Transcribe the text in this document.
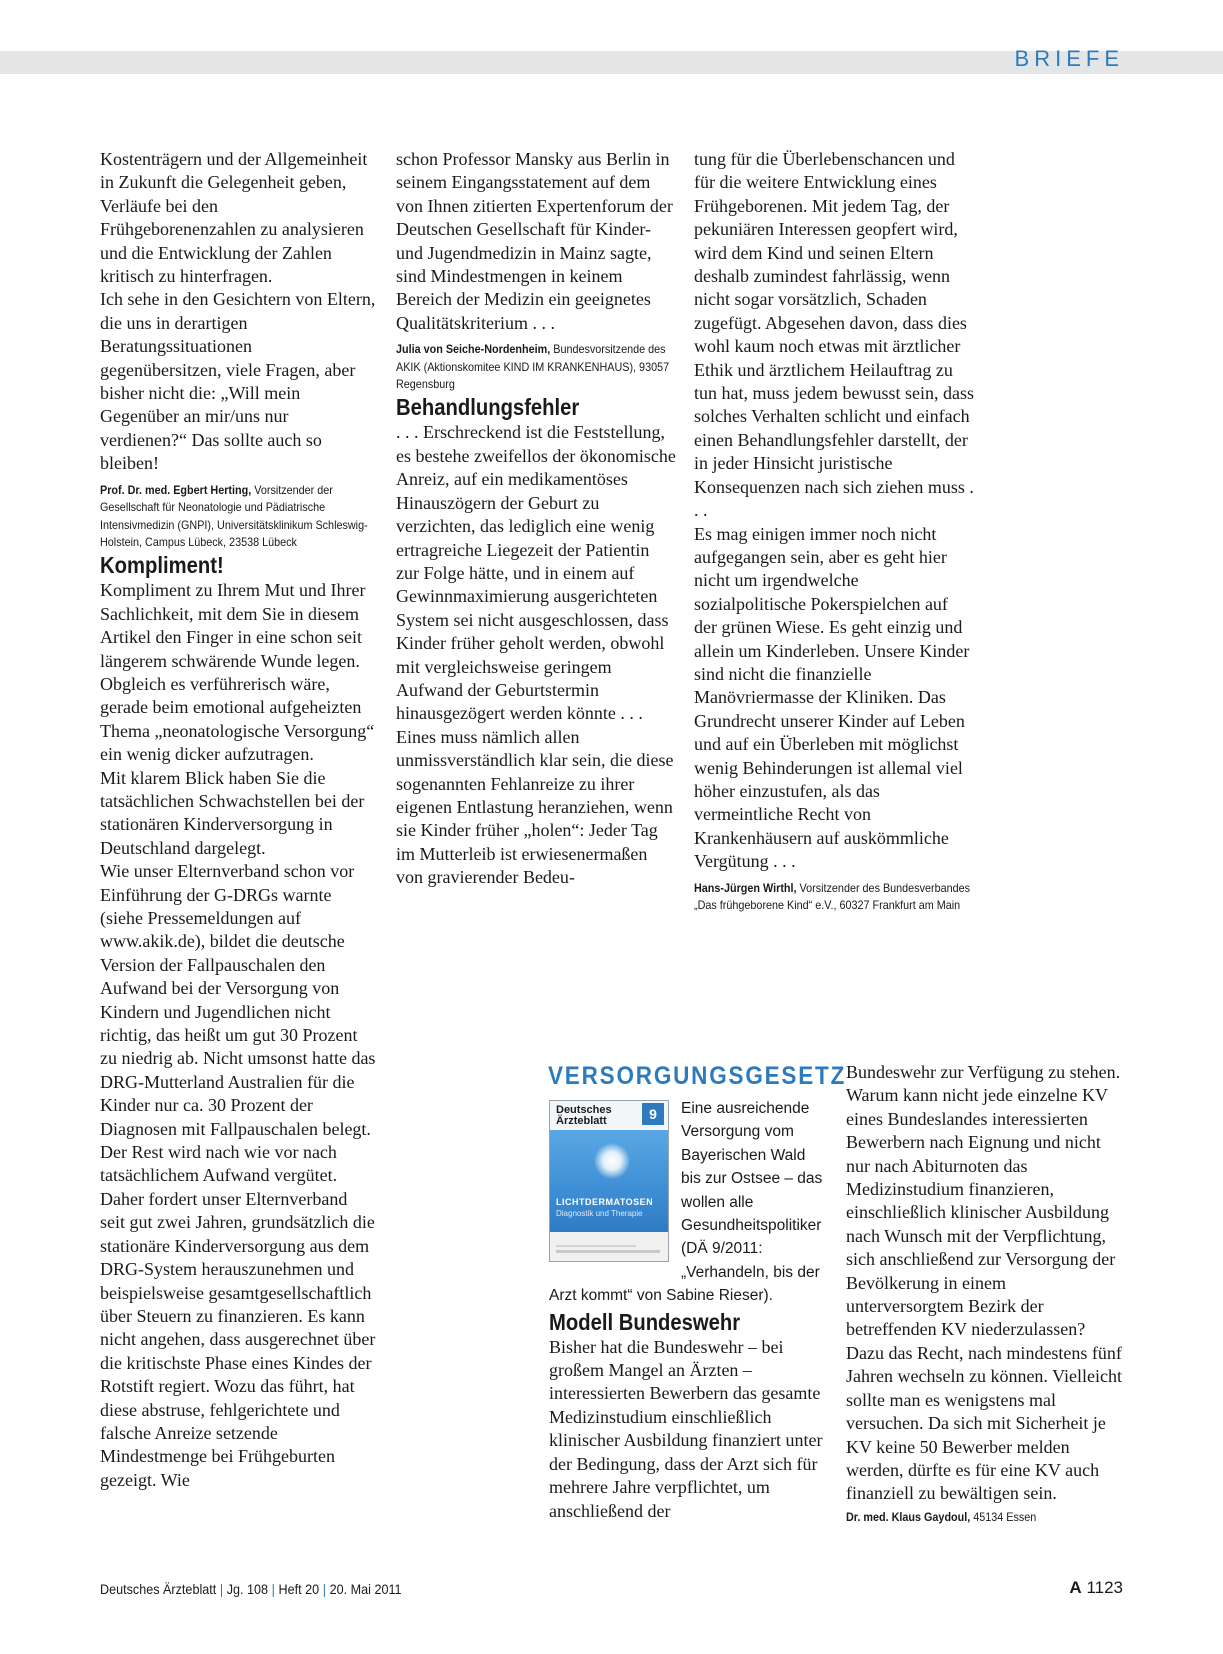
BRIEFE

Kostenträgern und der Allgemeinheit in Zukunft die Gelegenheit geben, Verläufe bei den Frühgeborenenzahlen zu analysieren und die Entwicklung der Zahlen kritisch zu hinterfragen.

Ich sehe in den Gesichtern von Eltern, die uns in derartigen Beratungssituationen gegenübersitzen, viele Fragen, aber bisher nicht die: „Will mein Gegenüber an mir/uns nur verdienen?“ Das sollte auch so bleiben!

Prof. Dr. med. Egbert Herting, Vorsitzender der Gesellschaft für Neonatologie und Pädiatrische Intensivmedizin (GNPI), Universitätsklinikum Schleswig-Holstein, Campus Lübeck, 23538 Lübeck

Kompliment!

Kompliment zu Ihrem Mut und Ihrer Sachlichkeit, mit dem Sie in diesem Artikel den Finger in eine schon seit längerem schwärende Wunde legen. Obgleich es verführerisch wäre, gerade beim emotional aufgeheizten Thema „neonatologische Versorgung“ ein wenig dicker aufzutragen.

Mit klarem Blick haben Sie die tatsächlichen Schwachstellen bei der stationären Kinderversorgung in Deutschland dargelegt.

Wie unser Elternverband schon vor Einführung der G-DRGs warnte (siehe Pressemeldungen auf www.akik.de), bildet die deutsche Version der Fallpauschalen den Aufwand bei der Versorgung von Kindern und Jugendlichen nicht richtig, das heißt um gut 30 Prozent zu niedrig ab. Nicht umsonst hatte das DRG-Mutterland Australien für die Kinder nur ca. 30 Prozent der Diagnosen mit Fallpauschalen belegt. Der Rest wird nach wie vor nach tatsächlichem Aufwand vergütet.

Daher fordert unser Elternverband seit gut zwei Jahren, grundsätzlich die stationäre Kinderversorgung aus dem DRG-System herauszunehmen und beispielsweise gesamtgesellschaftlich über Steuern zu finanzieren. Es kann nicht angehen, dass ausgerechnet über die kritischste Phase eines Kindes der Rotstift regiert. Wozu das führt, hat diese abstruse, fehlgerichtete und falsche Anreize setzende Mindestmenge bei Frühgeburten gezeigt. Wie

schon Professor Mansky aus Berlin in seinem Eingangsstatement auf dem von Ihnen zitierten Expertenforum der Deutschen Gesellschaft für Kinder- und Jugendmedizin in Mainz sagte, sind Mindestmengen in keinem Bereich der Medizin ein geeignetes Qualitätskriterium . . .

Julia von Seiche-Nordenheim, Bundesvorsitzende des AKIK (Aktionskomitee KIND IM KRANKENHAUS), 93057 Regensburg

Behandlungsfehler

. . . Erschreckend ist die Feststellung, es bestehe zweifellos der ökonomische Anreiz, auf ein medikamentöses Hinauszögern der Geburt zu verzichten, das lediglich eine wenig ertragreiche Liegezeit der Patientin zur Folge hätte, und in einem auf Gewinnmaximierung ausgerichteten System sei nicht ausgeschlossen, dass Kinder früher geholt werden, obwohl mit vergleichsweise geringem Aufwand der Geburtstermin hinausgezögert werden könnte . . .

Eines muss nämlich allen unmissverständlich klar sein, die diese sogenannten Fehlanreize zu ihrer eigenen Entlastung heranziehen, wenn sie Kinder früher „holen“: Jeder Tag im Mutterleib ist erwiesenermaßen von gravierender Bedeu-

tung für die Überlebenschancen und für die weitere Entwicklung eines Frühgeborenen. Mit jedem Tag, der pekuniären Interessen geopfert wird, wird dem Kind und seinen Eltern deshalb zumindest fahrlässig, wenn nicht sogar vorsätzlich, Schaden zugefügt. Abgesehen davon, dass dies wohl kaum noch etwas mit ärztlicher Ethik und ärztlichem Heilauftrag zu tun hat, muss jedem bewusst sein, dass solches Verhalten schlicht und einfach einen Behandlungsfehler darstellt, der in jeder Hinsicht juristische Konsequenzen nach sich ziehen muss . . .

Es mag einigen immer noch nicht aufgegangen sein, aber es geht hier nicht um irgendwelche sozialpolitische Pokerspielchen auf der grünen Wiese. Es geht einzig und allein um Kinderleben. Unsere Kinder sind nicht die finanzielle Manövriermasse der Kliniken. Das Grundrecht unserer Kinder auf Leben und auf ein Überleben mit möglichst wenig Behinderungen ist allemal viel höher einzustufen, als das vermeintliche Recht von Krankenhäusern auf auskömmliche Vergütung . . .

Hans-Jürgen Wirthl, Vorsitzender des Bundesverbandes „Das frühgeborene Kind“ e.V., 60327 Frankfurt am Main

VERSORGUNGSGESETZ
Deutsches
Ärzteblatt	9
LICHTDERMATOSEN
Diagnostik und Therapie

Eine ausreichende Versorgung vom Bayerischen Wald bis zur Ostsee – das wollen alle Gesundheitspolitiker (DÄ 9/2011: „Verhandeln, bis der Arzt kommt“ von Sabine Rieser).

Modell Bundeswehr

Bisher hat die Bundeswehr – bei großem Mangel an Ärzten – interessierten Bewerbern das gesamte Medizinstudium einschließlich klinischer Ausbildung finanziert unter der Bedingung, dass der Arzt sich für mehrere Jahre verpflichtet, um anschließend der

Bundeswehr zur Verfügung zu stehen.

Warum kann nicht jede einzelne KV eines Bundeslandes interessierten Bewerbern nach Eignung und nicht nur nach Abiturnoten das Medizinstudium finanzieren, einschließlich klinischer Ausbildung nach Wunsch mit der Verpflichtung, sich anschließend zur Versorgung der Bevölkerung in einem unterversorgtem Bezirk der betreffenden KV niederzulassen?

Dazu das Recht, nach mindestens fünf Jahren wechseln zu können. Vielleicht sollte man es wenigstens mal versuchen. Da sich mit Sicherheit je KV keine 50 Bewerber melden werden, dürfte es für eine KV auch finanziell zu bewältigen sein.

Dr. med. Klaus Gaydoul, 45134 Essen

Deutsches Ärzteblatt | Jg. 108 | Heft 20 | 20. Mai 2011	A 1123
